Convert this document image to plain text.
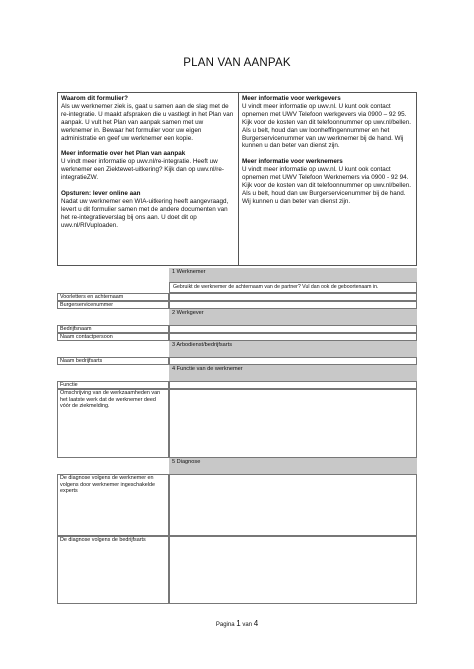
PLAN VAN AANPAK
Waarom dit formulier?
Als uw werknemer ziek is, gaat u samen aan de slag met de re-integratie. U maakt afspraken die u vastlegt in het Plan van aanpak. U vult het Plan van aanpak samen met uw werknemer in. Bewaar het formulier voor uw eigen administratie en geef uw werknemer een kopie.
Meer informatie over het Plan van aanpak
U vindt meer informatie op uwv.nl/re-integratie. Heeft uw werknemer een Ziektewet-uitkering? Kijk dan op uwv.nl/re-integratieZW.
Opsturen: lever online aan
Nadat uw werknemer een WIA-uitkering heeft aangevraagd, levert u dit formulier samen met de andere documenten van het re-integratieverslag bij ons aan. U doet dit op uwv.nl/RIVuploaden.
Meer informatie voor werkgevers
U vindt meer informatie op uwv.nl. U kunt ook contact opnemen met UWV Telefoon werkgevers via 0900 – 92 95. Kijk voor de kosten van dit telefoonnummer op uwv.nl/bellen. Als u belt, houd dan uw loonheffingennummer en het Burgerservicenummer van uw werknemer bij de hand. Wij kunnen u dan beter van dienst zijn.
Meer informatie voor werknemers
U vindt meer informatie op uwv.nl. U kunt ook contact opnemen met UWV Telefoon Werknemers via 0900 - 92 94. Kijk voor de kosten van dit telefoonnummer op uwv.nl/bellen. Als u belt, houd dan uw Burgerservicenummer bij de hand. Wij kunnen u dan beter van dienst zijn.
1 Werknemer
Gebruikt de werknemer de achternaam van de partner? Vul dan ook de geboortenaam in.
Voorletters en achternaam
Burgerservicenummer
2 Werkgever
Bedrijfsnaam
Naam contactpersoon
3 Arbodienst/bedrijfsarts
Naam bedrijfsarts
4 Functie van de werknemer
Functie
Omschrijving van de werkzaamheden van het laatste werk dat de werknemer deed vóór de ziekmelding.
5 Diagnose
De diagnose volgens de werknemer en volgens door werknemer ingeschakelde experts
De diagnose volgens de bedrijfsarts
Pagina 1 van 4
